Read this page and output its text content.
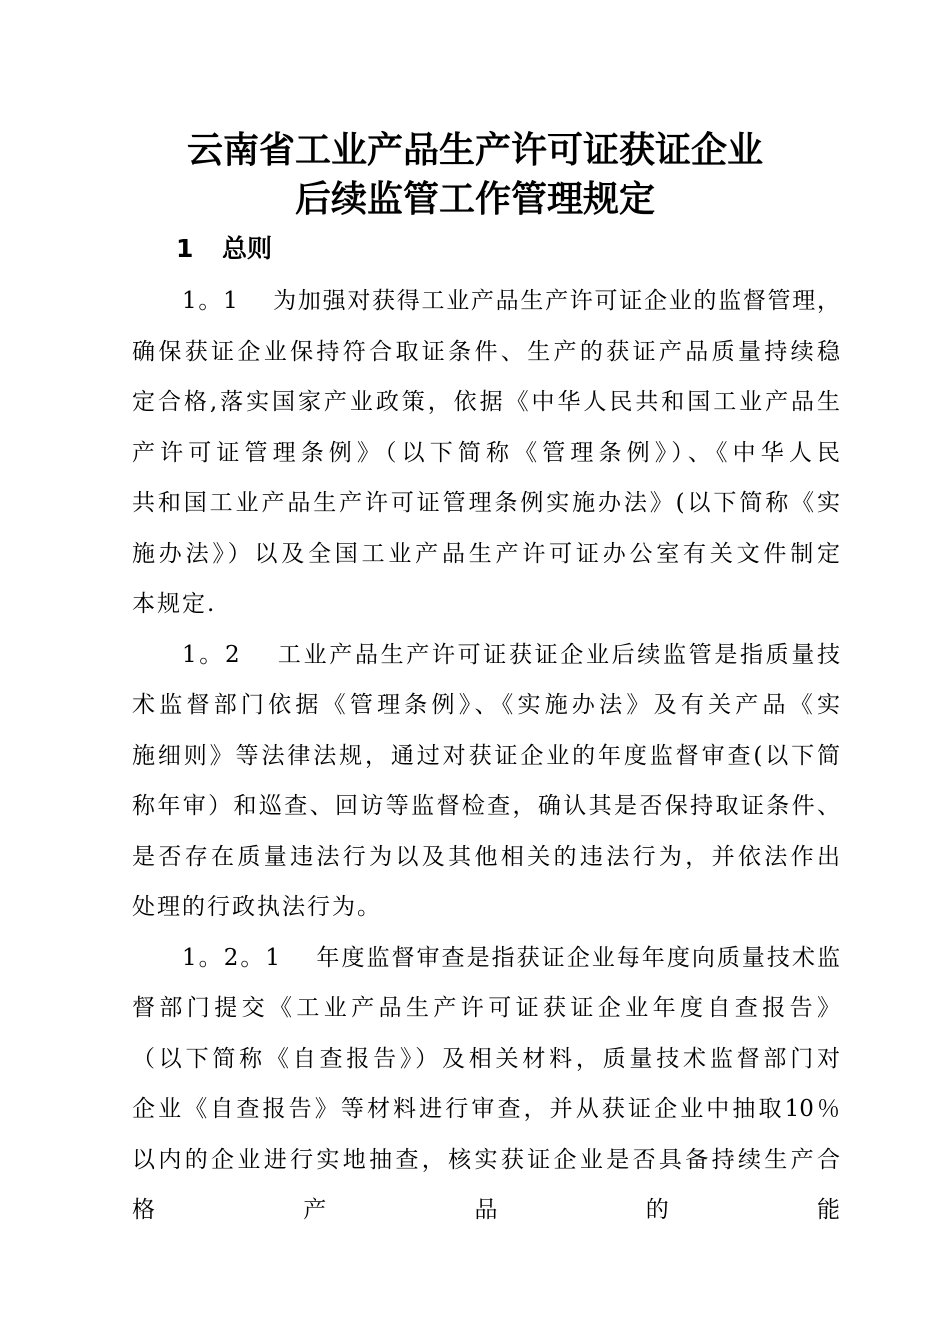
云南省工业产品生产许可证获证企业
后续监管工作管理规定
1 总则
1。1　 为加强对获得工业产品生产许可证企业的监督管理，
确保获证企业保持符合取证条件、生产的获证产品质量持续稳
定合格,落实国家产业政策，依据《中华人民共和国工业产品生
产许可证管理条例》（以下简称《管理条例》）、《中华人民
共和国工业产品生产许可证管理条例实施办法》(以下简称《实
施办法》）以及全国工业产品生产许可证办公室有关文件制定
本规定.
1。2　 工业产品生产许可证获证企业后续监管是指质量技
术监督部门依据《管理条例》、《实施办法》及有关产品《实
施细则》等法律法规，通过对获证企业的年度监督审查(以下简
称年审）和巡查、回访等监督检查，确认其是否保持取证条件、
是否存在质量违法行为以及其他相关的违法行为，并依法作出
处理的行政执法行为。
1。2。1　 年度监督审查是指获证企业每年度向质量技术监
督部门提交《工业产品生产许可证获证企业年度自查报告》
（以下简称《自查报告》）及相关材料，质量技术监督部门对
企业《自查报告》等材料进行审查，并从获证企业中抽取10％
以内的企业进行实地抽查，核实获证企业是否具备持续生产合
格　　　　产　　　　品　　　　的　　　　能
